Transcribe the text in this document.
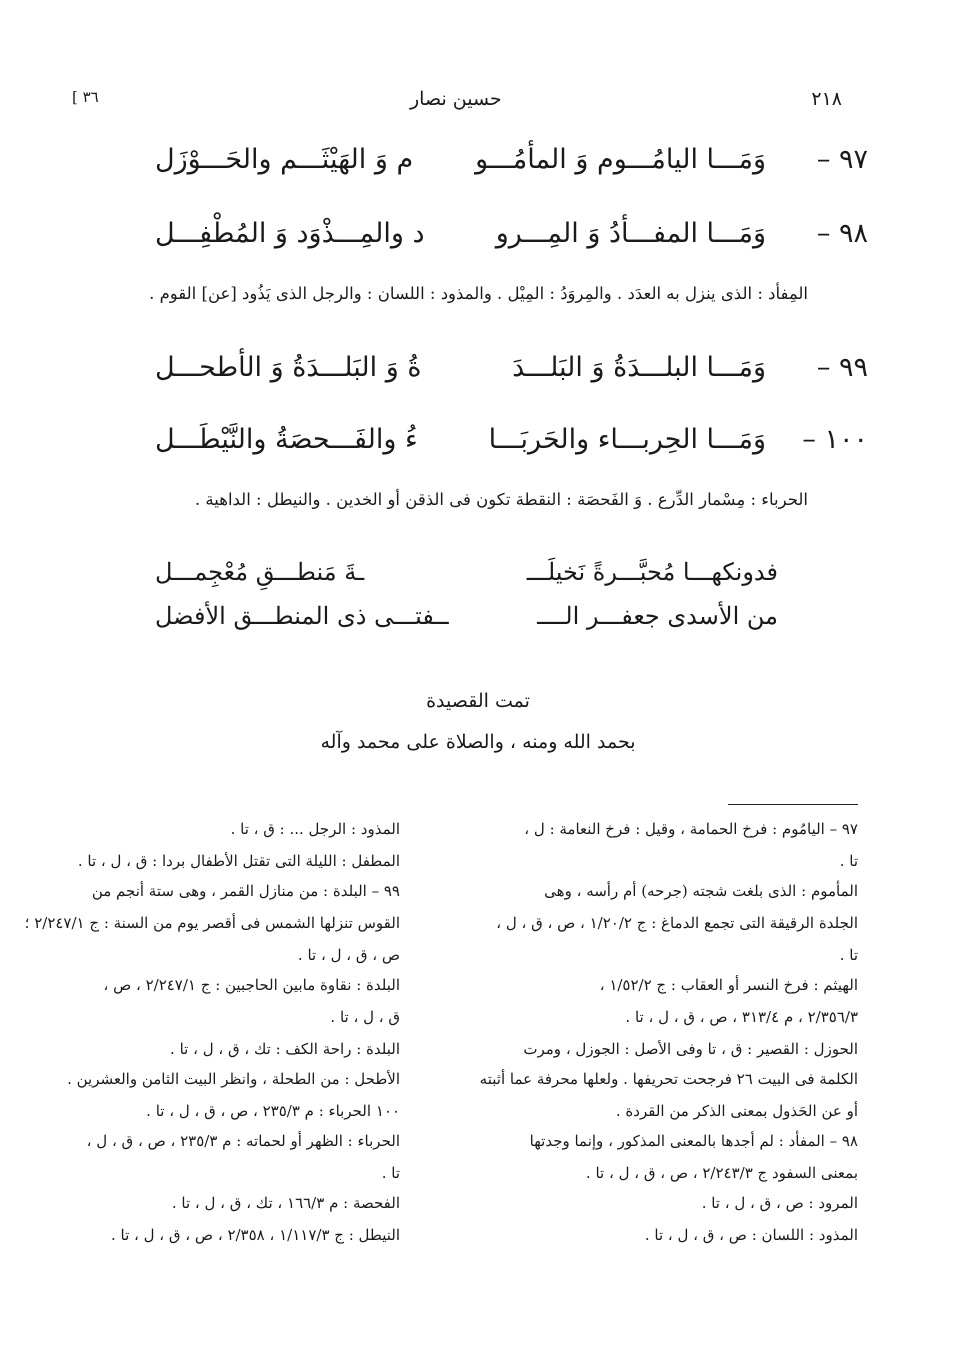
٢١٨
حسين نصار
[ ٣٦
٩٧ –
وَمَـــا اليامُـــوم وَ المأمُـــو
م وَ الهَيْثَـــم والحَـــوْزَل
٩٨ –
وَمَـــا المفـــأدُ وَ المِـــرو
د والمِـــذْوَد وَ المُطْفِـــل
المِفأد : الذى ينزل به العدَد . والمِروَدُ : المِيْل . والمذود : اللسان : والرجل الذى يَذُود [عن] القوم .
٩٩ –
وَمَـــا البلـــدَةُ وَ البَلـــدَ
ةُ وَ البَلـــدَةُ وَ الأطحـــل
١٠٠ –
وَمَـــا الحِربـــاء والحَربَـــا
ءُ والفَـــحصَةُ والنَّيْطَـــل
الحرباء : مِسْمار الدِّرع . وَ الفَحصَة : النقطة تكون فى الذقن أو الخدين . والنيطل : الداهية .
فدونكهـــا مُحبَّـــرةً نَخيلَـــ
ـةَ مَنطـــقِ مُعْجِمـــل
من الأسدى جعفـــر الــــ
ــفتـــى ذى المنطـــق الأفضل
تمت القصيدة
بحمد الله ومنه ، والصلاة على محمد وآله
٩٧ – اليامُوم : فرخ الحمامة ، وقيل : فرخ النعامة : ل ،
تا .
المأموم : الذى بلغت شجته (جرحه) أم رأسه ، وهى
الجلدة الرقيقة التى تجمع الدماغ : ج ١/٢٠/٢ ، ص ، ق ، ل ،
تا .
الهيثم : فرخ النسر أو العقاب : ج ١/٥٢/٢ ،
٢/٣٥٦/٣ ، م ٣١٣/٤ ، ص ، ق ، ل ، تا .
الحوزل : القصير : ق ، تا وفى الأصل : الجوزل ، ومرت
الكلمة فى البيت ٢٦ فرجحت تحريفها . ولعلها محرفة عما أثبته
أو عن الحَذول بمعنى الذكر من القردة .
٩٨ – المفأد : لم أجدها بالمعنى المذكور ، وإنما وجدتها
بمعنى السفود ج ٢/٢٤٣/٣ ، ص ، ق ، ل ، تا .
المرود : ص ، ق ، ل ، تا .
المذود : اللسان : ص ، ق ، ل ، تا .
المذود : الرجل ... : ق ، تا .
المطفل : الليلة التى تقتل الأطفال بردا : ق ، ل ، تا .
٩٩ – البلدة : من منازل القمر ، وهى ستة أنجم من
القوس تنزلها الشمس فى أقصر يوم من السنة : ج ٢/٢٤٧/١ ؛
ص ، ق ، ل ، تا .
البلدة : نقاوة مابين الحاجبين : ج ٢/٢٤٧/١ ، ص ،
ق ، ل ، تا .
البلدة : راحة الكف : تك ، ق ، ل ، تا .
الأطحل : من الطحلة ، وانظر البيت الثامن والعشرين .
١٠٠ الحرباء : م ٢٣٥/٣ ، ص ، ق ، ل ، تا .
الحرباء : الظهر أو لحماته : م ٢٣٥/٣ ، ص ، ق ، ل ،
تا .
الفحصة : م ١٦٦/٣ ، تك ، ق ، ل ، تا .
النيطل : ج ١/١١٧/٣ ، ٢/٣٥٨ ، ص ، ق ، ل ، تا .
